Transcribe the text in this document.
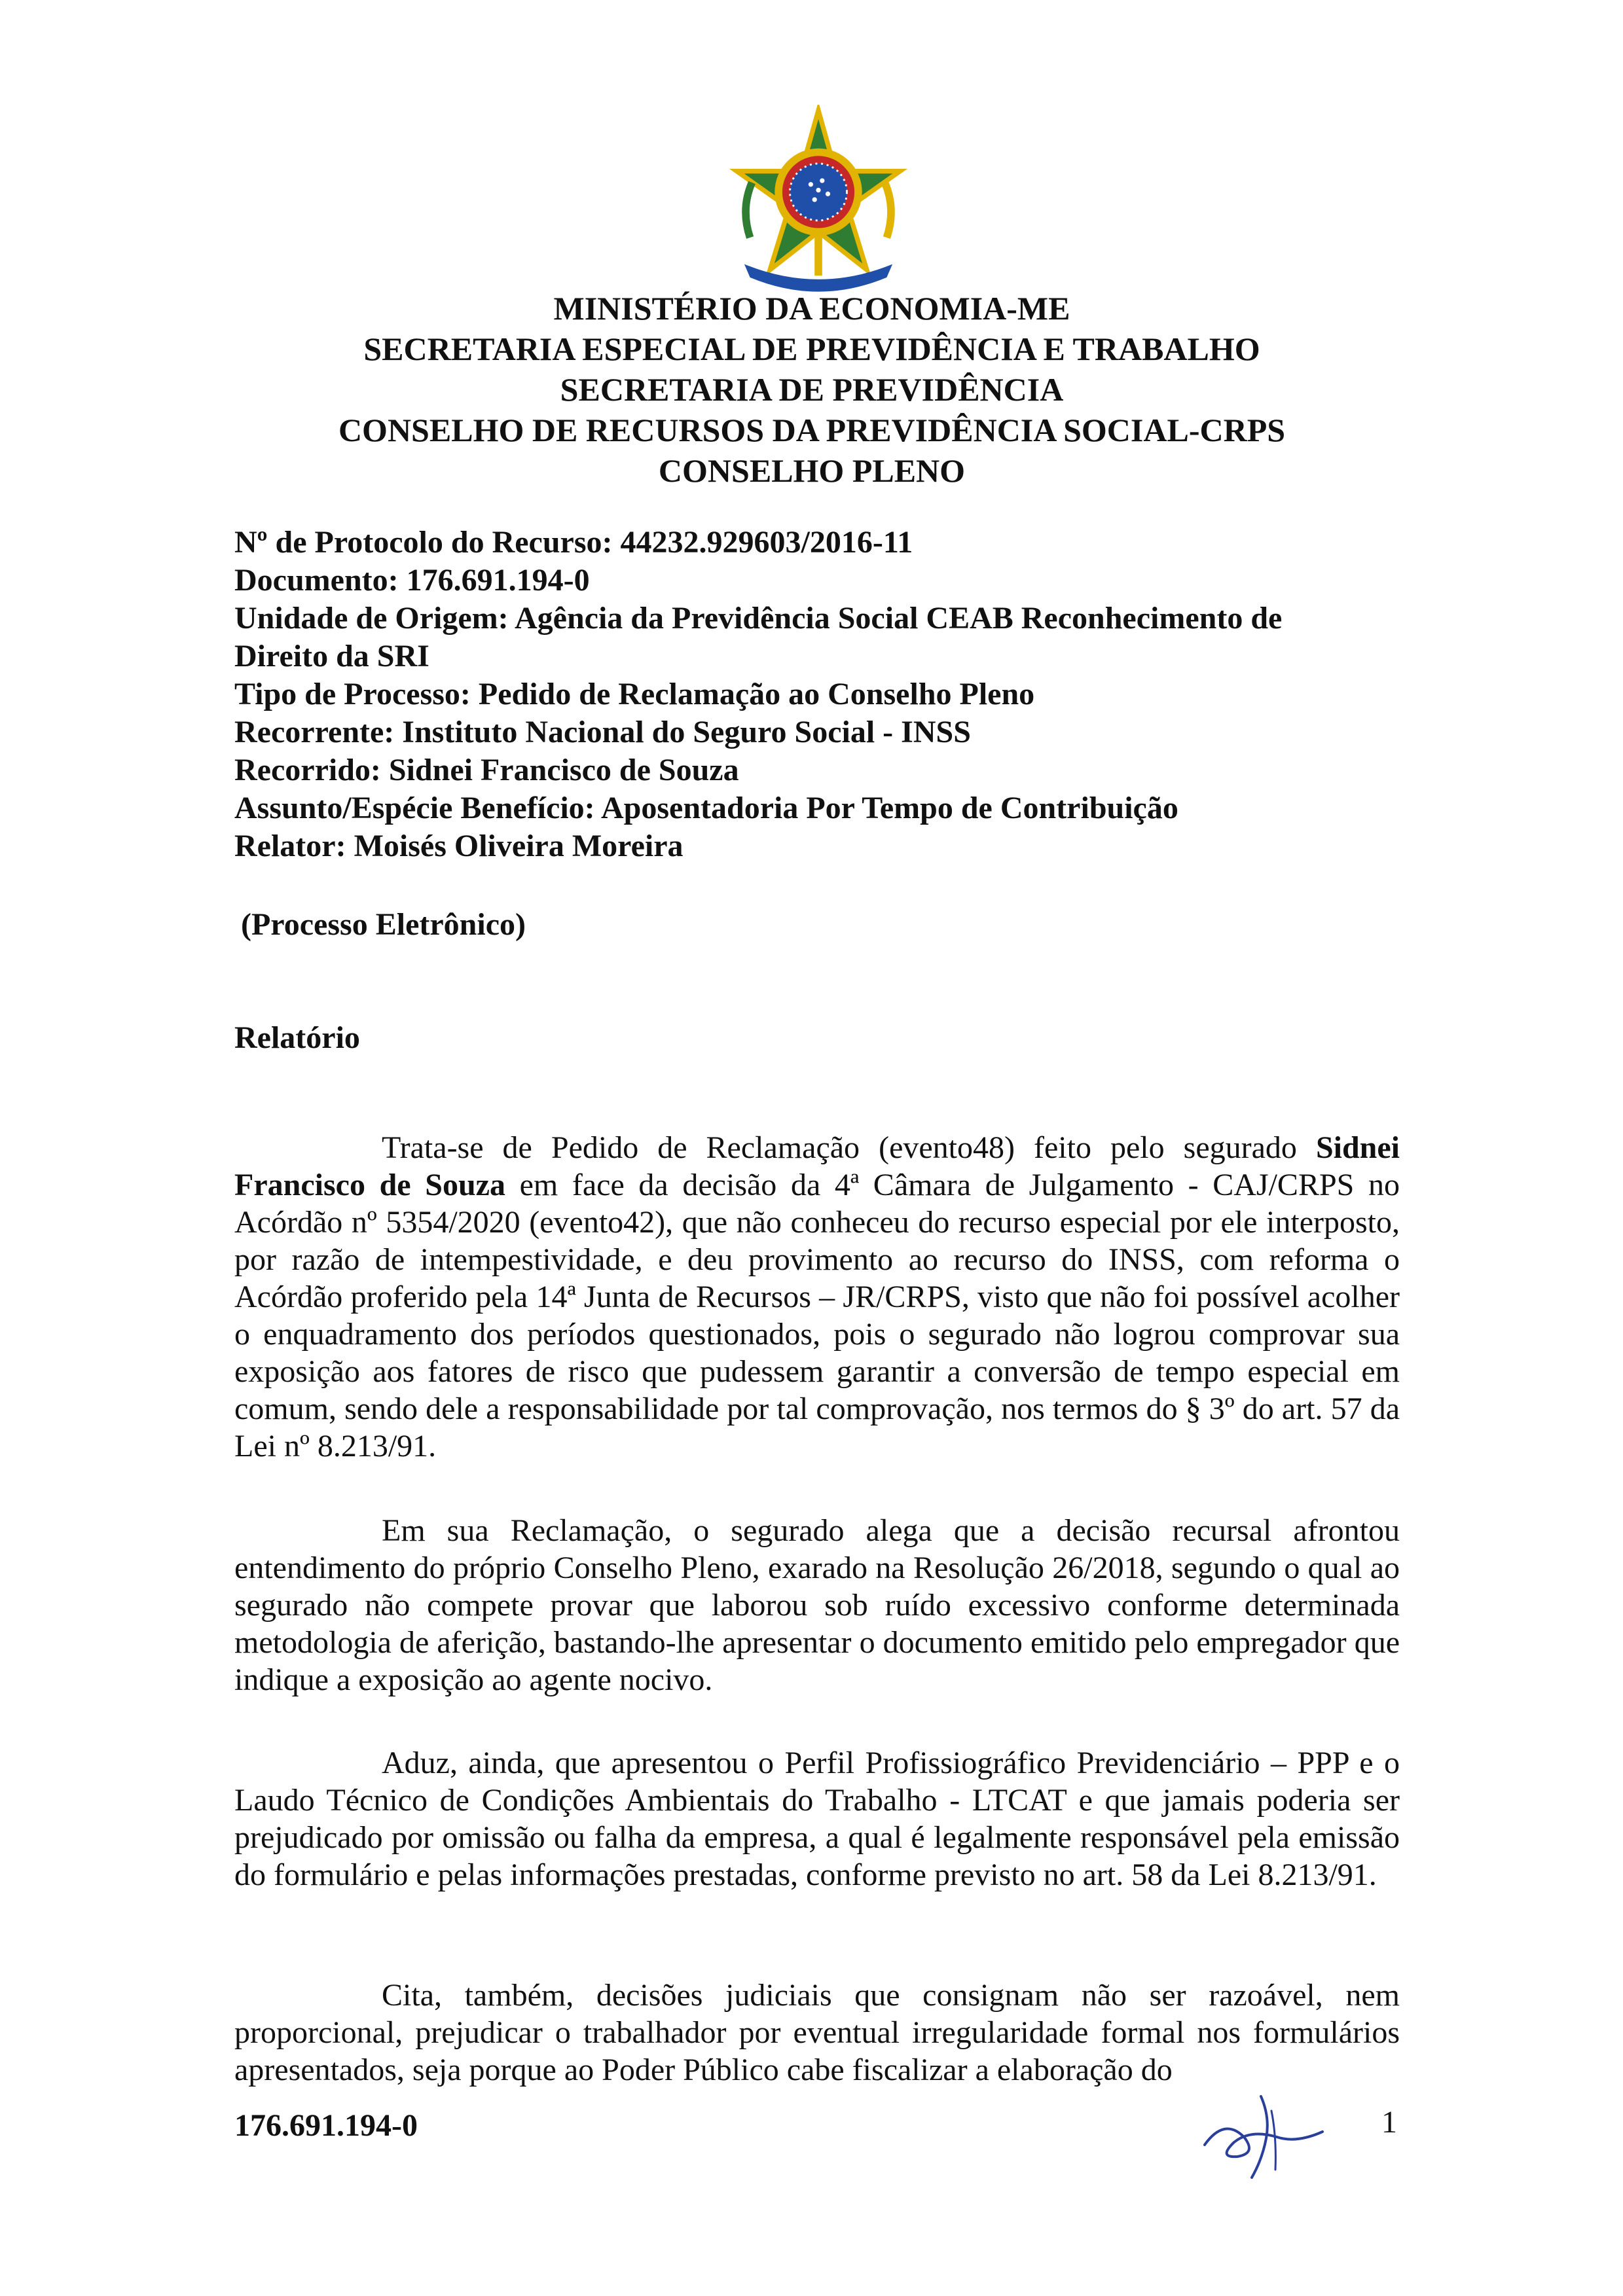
MINISTÉRIO DA ECONOMIA-ME
SECRETARIA ESPECIAL DE PREVIDÊNCIA E TRABALHO
SECRETARIA DE PREVIDÊNCIA
CONSELHO DE RECURSOS DA PREVIDÊNCIA SOCIAL-CRPS
CONSELHO PLENO
Nº de Protocolo do Recurso: 44232.929603/2016-11
Documento: 176.691.194-0
Unidade de Origem: Agência da Previdência Social CEAB Reconhecimento de
Direito da SRI
Tipo de Processo: Pedido de Reclamação ao Conselho Pleno
Recorrente: Instituto Nacional do Seguro Social - INSS
Recorrido: Sidnei Francisco de Souza
Assunto/Espécie Benefício: Aposentadoria Por Tempo de Contribuição
Relator: Moisés Oliveira Moreira
(Processo Eletrônico)
Relatório

Trata-se de Pedido de Reclamação (evento48) feito pelo segurado Sidnei Francisco de Souza em face da decisão da 4ª Câmara de Julgamento - CAJ/CRPS no Acórdão nº 5354/2020 (evento42), que não conheceu do recurso especial por ele interposto, por razão de intempestividade, e deu provimento ao recurso do INSS, com reforma o Acórdão proferido pela 14ª Junta de Recursos – JR/CRPS, visto que não foi possível acolher o enquadramento dos períodos questionados, pois o segurado não logrou comprovar sua exposição aos fatores de risco que pudessem garantir a conversão de tempo especial em comum, sendo dele a responsabilidade por tal comprovação, nos termos do § 3º do art. 57 da Lei nº 8.213/91.

Em sua Reclamação, o segurado alega que a decisão recursal afrontou entendimento do próprio Conselho Pleno, exarado na Resolução 26/2018, segundo o qual ao segurado não compete provar que laborou sob ruído excessivo conforme determinada metodologia de aferição, bastando-lhe apresentar o documento emitido pelo empregador que indique a exposição ao agente nocivo.

Aduz, ainda, que apresentou o Perfil Profissiográfico Previdenciário – PPP e o Laudo Técnico de Condições Ambientais do Trabalho - LTCAT e que jamais poderia ser prejudicado por omissão ou falha da empresa, a qual é legalmente responsável pela emissão do formulário e pelas informações prestadas, conforme previsto no art. 58 da Lei 8.213/91.

Cita, também, decisões judiciais que consignam não ser razoável, nem proporcional, prejudicar o trabalhador por eventual irregularidade formal nos formulários apresentados, seja porque ao Poder Público cabe fiscalizar a elaboração do

176.691.194-0	1
